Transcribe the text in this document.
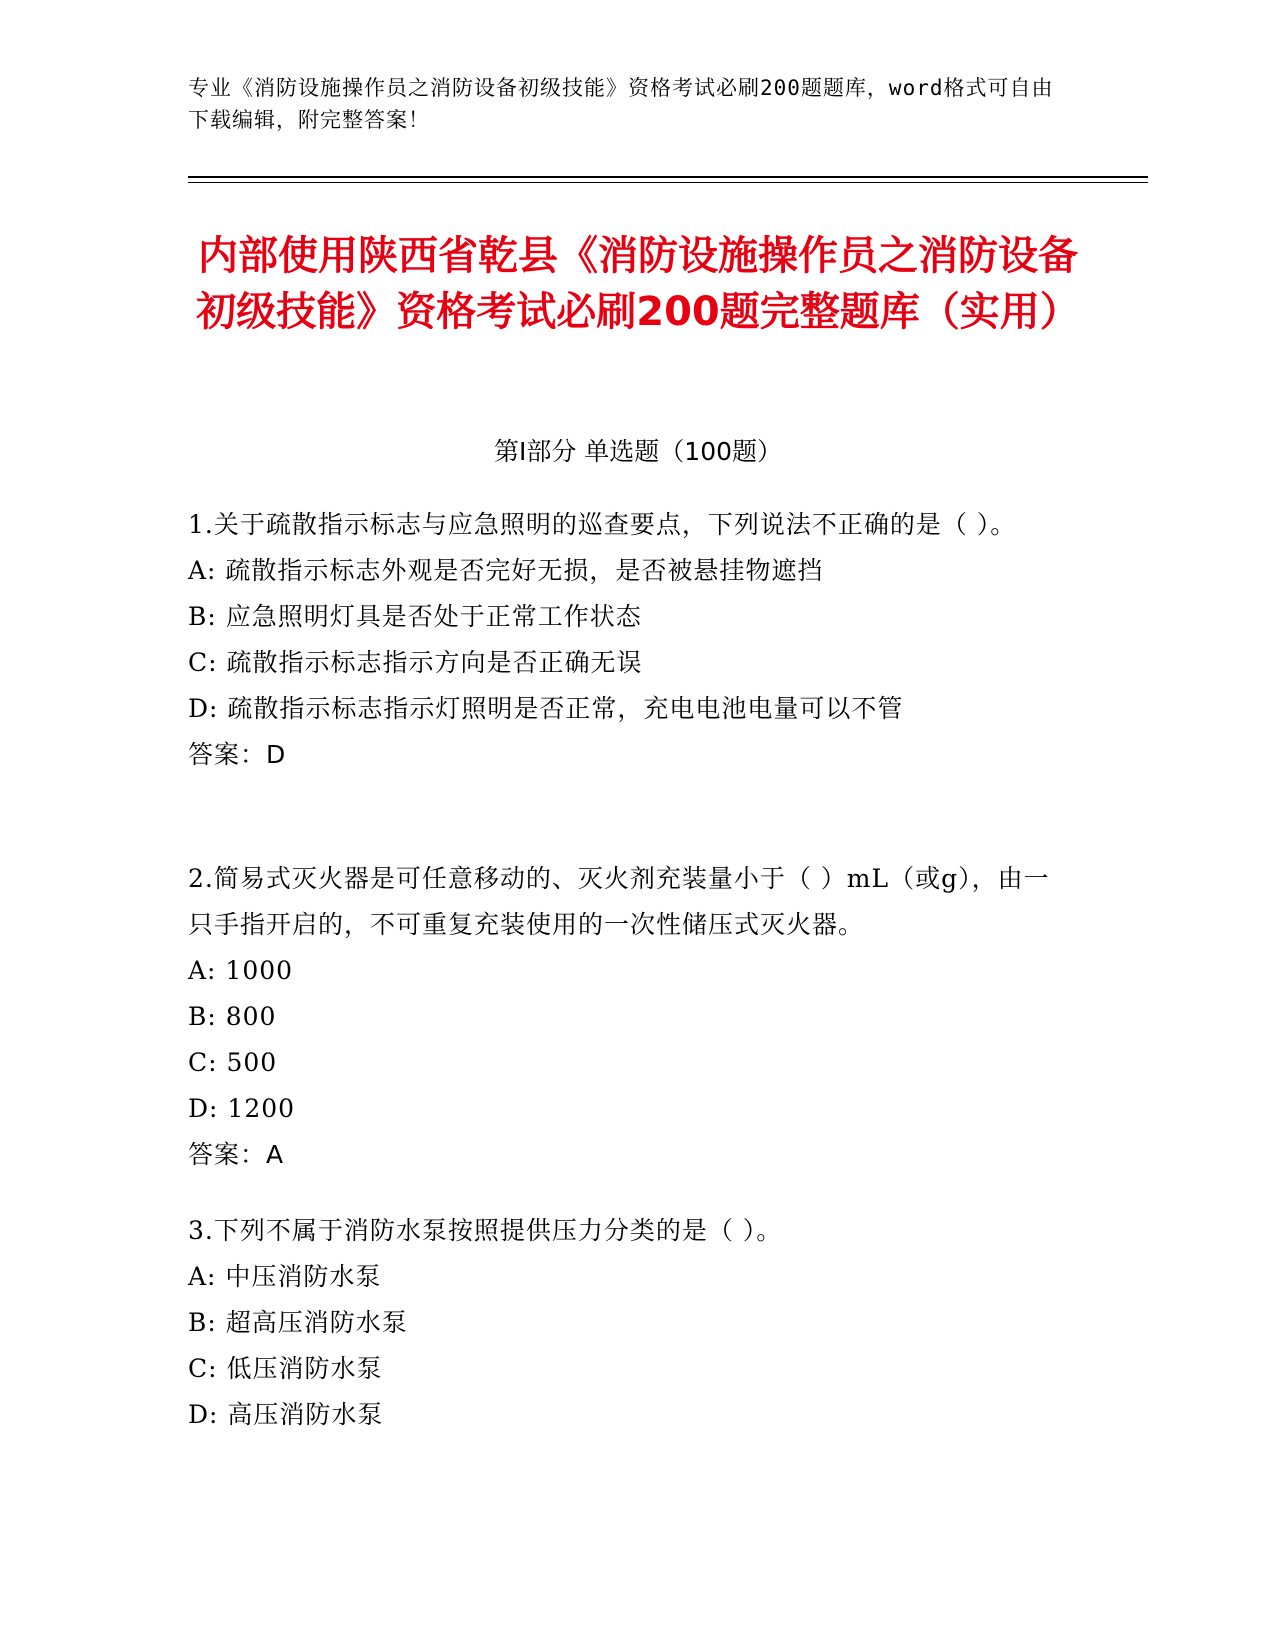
专业《消防设施操作员之消防设备初级技能》资格考试必刷200题题库，word格式可自由下载编辑，附完整答案！
内部使用陕西省乾县《消防设施操作员之消防设备初级技能》资格考试必刷200题完整题库（实用）
第Ⅰ部分 单选题（100题）
1.关于疏散指示标志与应急照明的巡查要点，下列说法不正确的是（ ）。
A: 疏散指示标志外观是否完好无损，是否被悬挂物遮挡
B: 应急照明灯具是否处于正常工作状态
C: 疏散指示标志指示方向是否正确无误
D: 疏散指示标志指示灯照明是否正常，充电电池电量可以不管
答案：D
2.简易式灭火器是可任意移动的、灭火剂充装量小于（ ）mL（或g），由一只手指开启的，不可重复充装使用的一次性储压式灭火器。
A: 1000
B: 800
C: 500
D: 1200
答案：A
3.下列不属于消防水泵按照提供压力分类的是（ ）。
A: 中压消防水泵
B: 超高压消防水泵
C: 低压消防水泵
D: 高压消防水泵
